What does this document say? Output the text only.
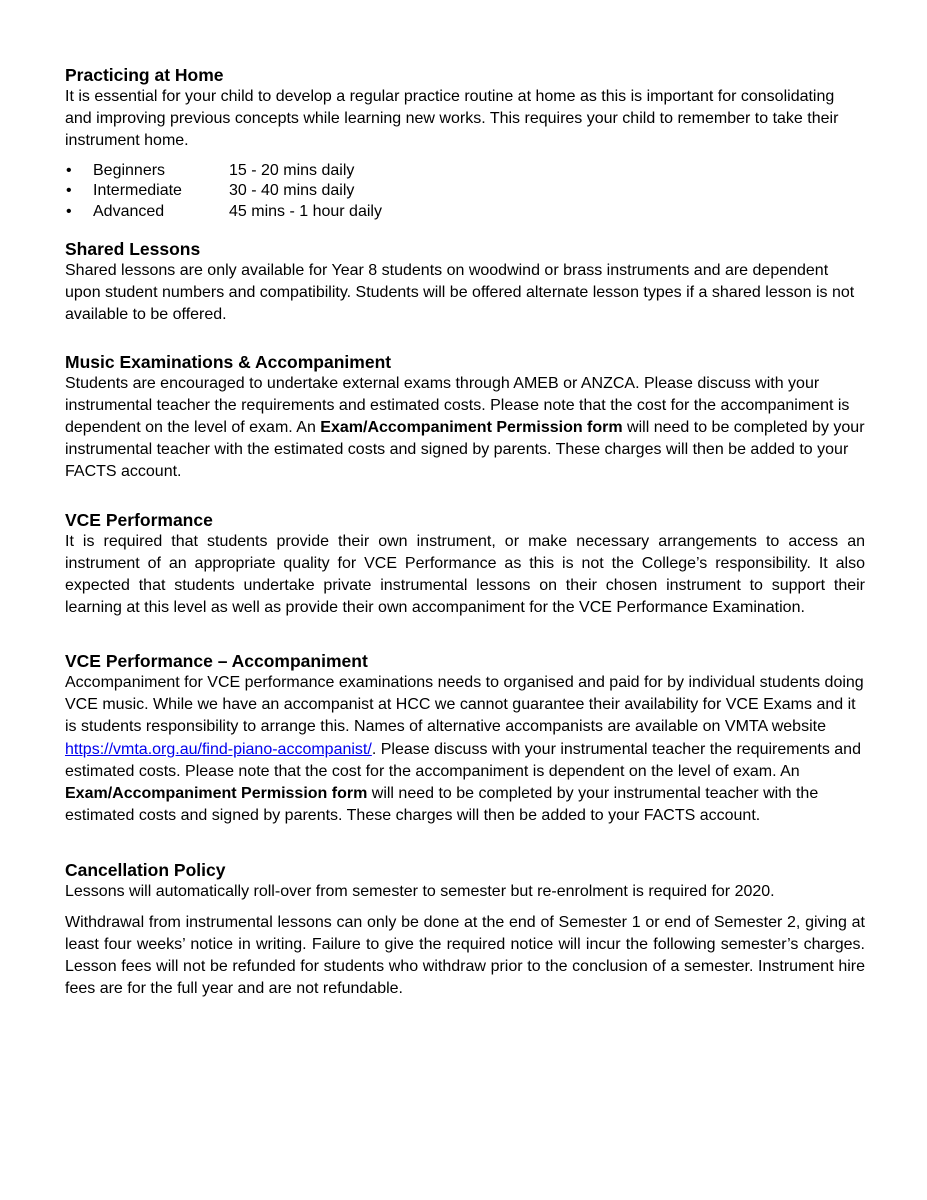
Practicing at Home

It is essential for your child to develop a regular practice routine at home as this is important for consolidating and improving previous concepts while learning new works. This requires your child to remember to take their instrument home.

•	Beginners	15 - 20 mins daily
•	Intermediate	30 - 40 mins daily
•	Advanced	45 mins - 1 hour daily
Shared Lessons

Shared lessons are only available for Year 8 students on woodwind or brass instruments and are dependent upon student numbers and compatibility. Students will be offered alternate lesson types if a shared lesson is not available to be offered.

Music Examinations & Accompaniment

Students are encouraged to undertake external exams through AMEB or ANZCA. Please discuss with your instrumental teacher the requirements and estimated costs. Please note that the cost for the accompaniment is dependent on the level of exam. An Exam/Accompaniment Permission form will need to be completed by your instrumental teacher with the estimated costs and signed by parents. These charges will then be added to your FACTS account.

VCE Performance

It is required that students provide their own instrument, or make necessary arrangements to access an instrument of an appropriate quality for VCE Performance as this is not the College’s responsibility. It also expected that students undertake private instrumental lessons on their chosen instrument to support their learning at this level as well as provide their own accompaniment for the VCE Performance Examination.

VCE Performance – Accompaniment

Accompaniment for VCE performance examinations needs to organised and paid for by individual students doing VCE music. While we have an accompanist at HCC we cannot guarantee their availability for VCE Exams and it is students responsibility to arrange this. Names of alternative accompanists are available on VMTA website https://vmta.org.au/find-piano-accompanist/. Please discuss with your instrumental teacher the requirements and estimated costs. Please note that the cost for the accompaniment is dependent on the level of exam. An Exam/Accompaniment Permission form will need to be completed by your instrumental teacher with the estimated costs and signed by parents. These charges will then be added to your FACTS account.

Cancellation Policy

Lessons will automatically roll-over from semester to semester but re-enrolment is required for 2020.

Withdrawal from instrumental lessons can only be done at the end of Semester 1 or end of Semester 2, giving at least four weeks’ notice in writing. Failure to give the required notice will incur the following semester’s charges. Lesson fees will not be refunded for students who withdraw prior to the conclusion of a semester. Instrument hire fees are for the full year and are not refundable.
